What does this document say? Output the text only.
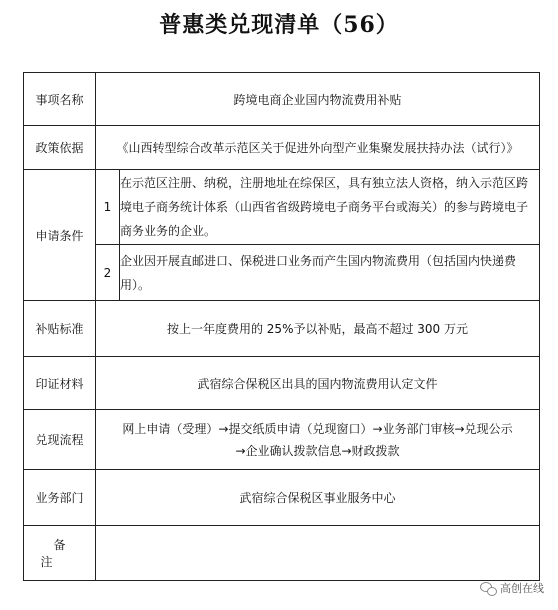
普惠类兑现清单（56）
事项名称	跨境电商企业国内物流费用补贴	
政策依据	《山西转型综合改革示范区关于促进外向型产业集聚发展扶持办法（试行）》	
申请条件	1	在示范区注册、纳税，注册地址在综保区，具有独立法人资格，纳入示范区跨境电子商务统计体系（山西省省级跨境电子商务平台或海关）的参与跨境电子商务业务的企业。
	2	企业因开展直邮进口、保税进口业务而产生国内物流费用（包括国内快递费用）。
补贴标准	按上一年度费用的 25%予以补贴，最高不超过 300 万元	
印证材料	武宿综合保税区出具的国内物流费用认定文件	
兑现流程	网上申请（受理）→提交纸质申请（兑现窗口）→业务部门审核→兑现公示
→企业确认拨款信息→财政拨款	

业务部门	武宿综合保税区事业服务中心	
备注		
高创在线
